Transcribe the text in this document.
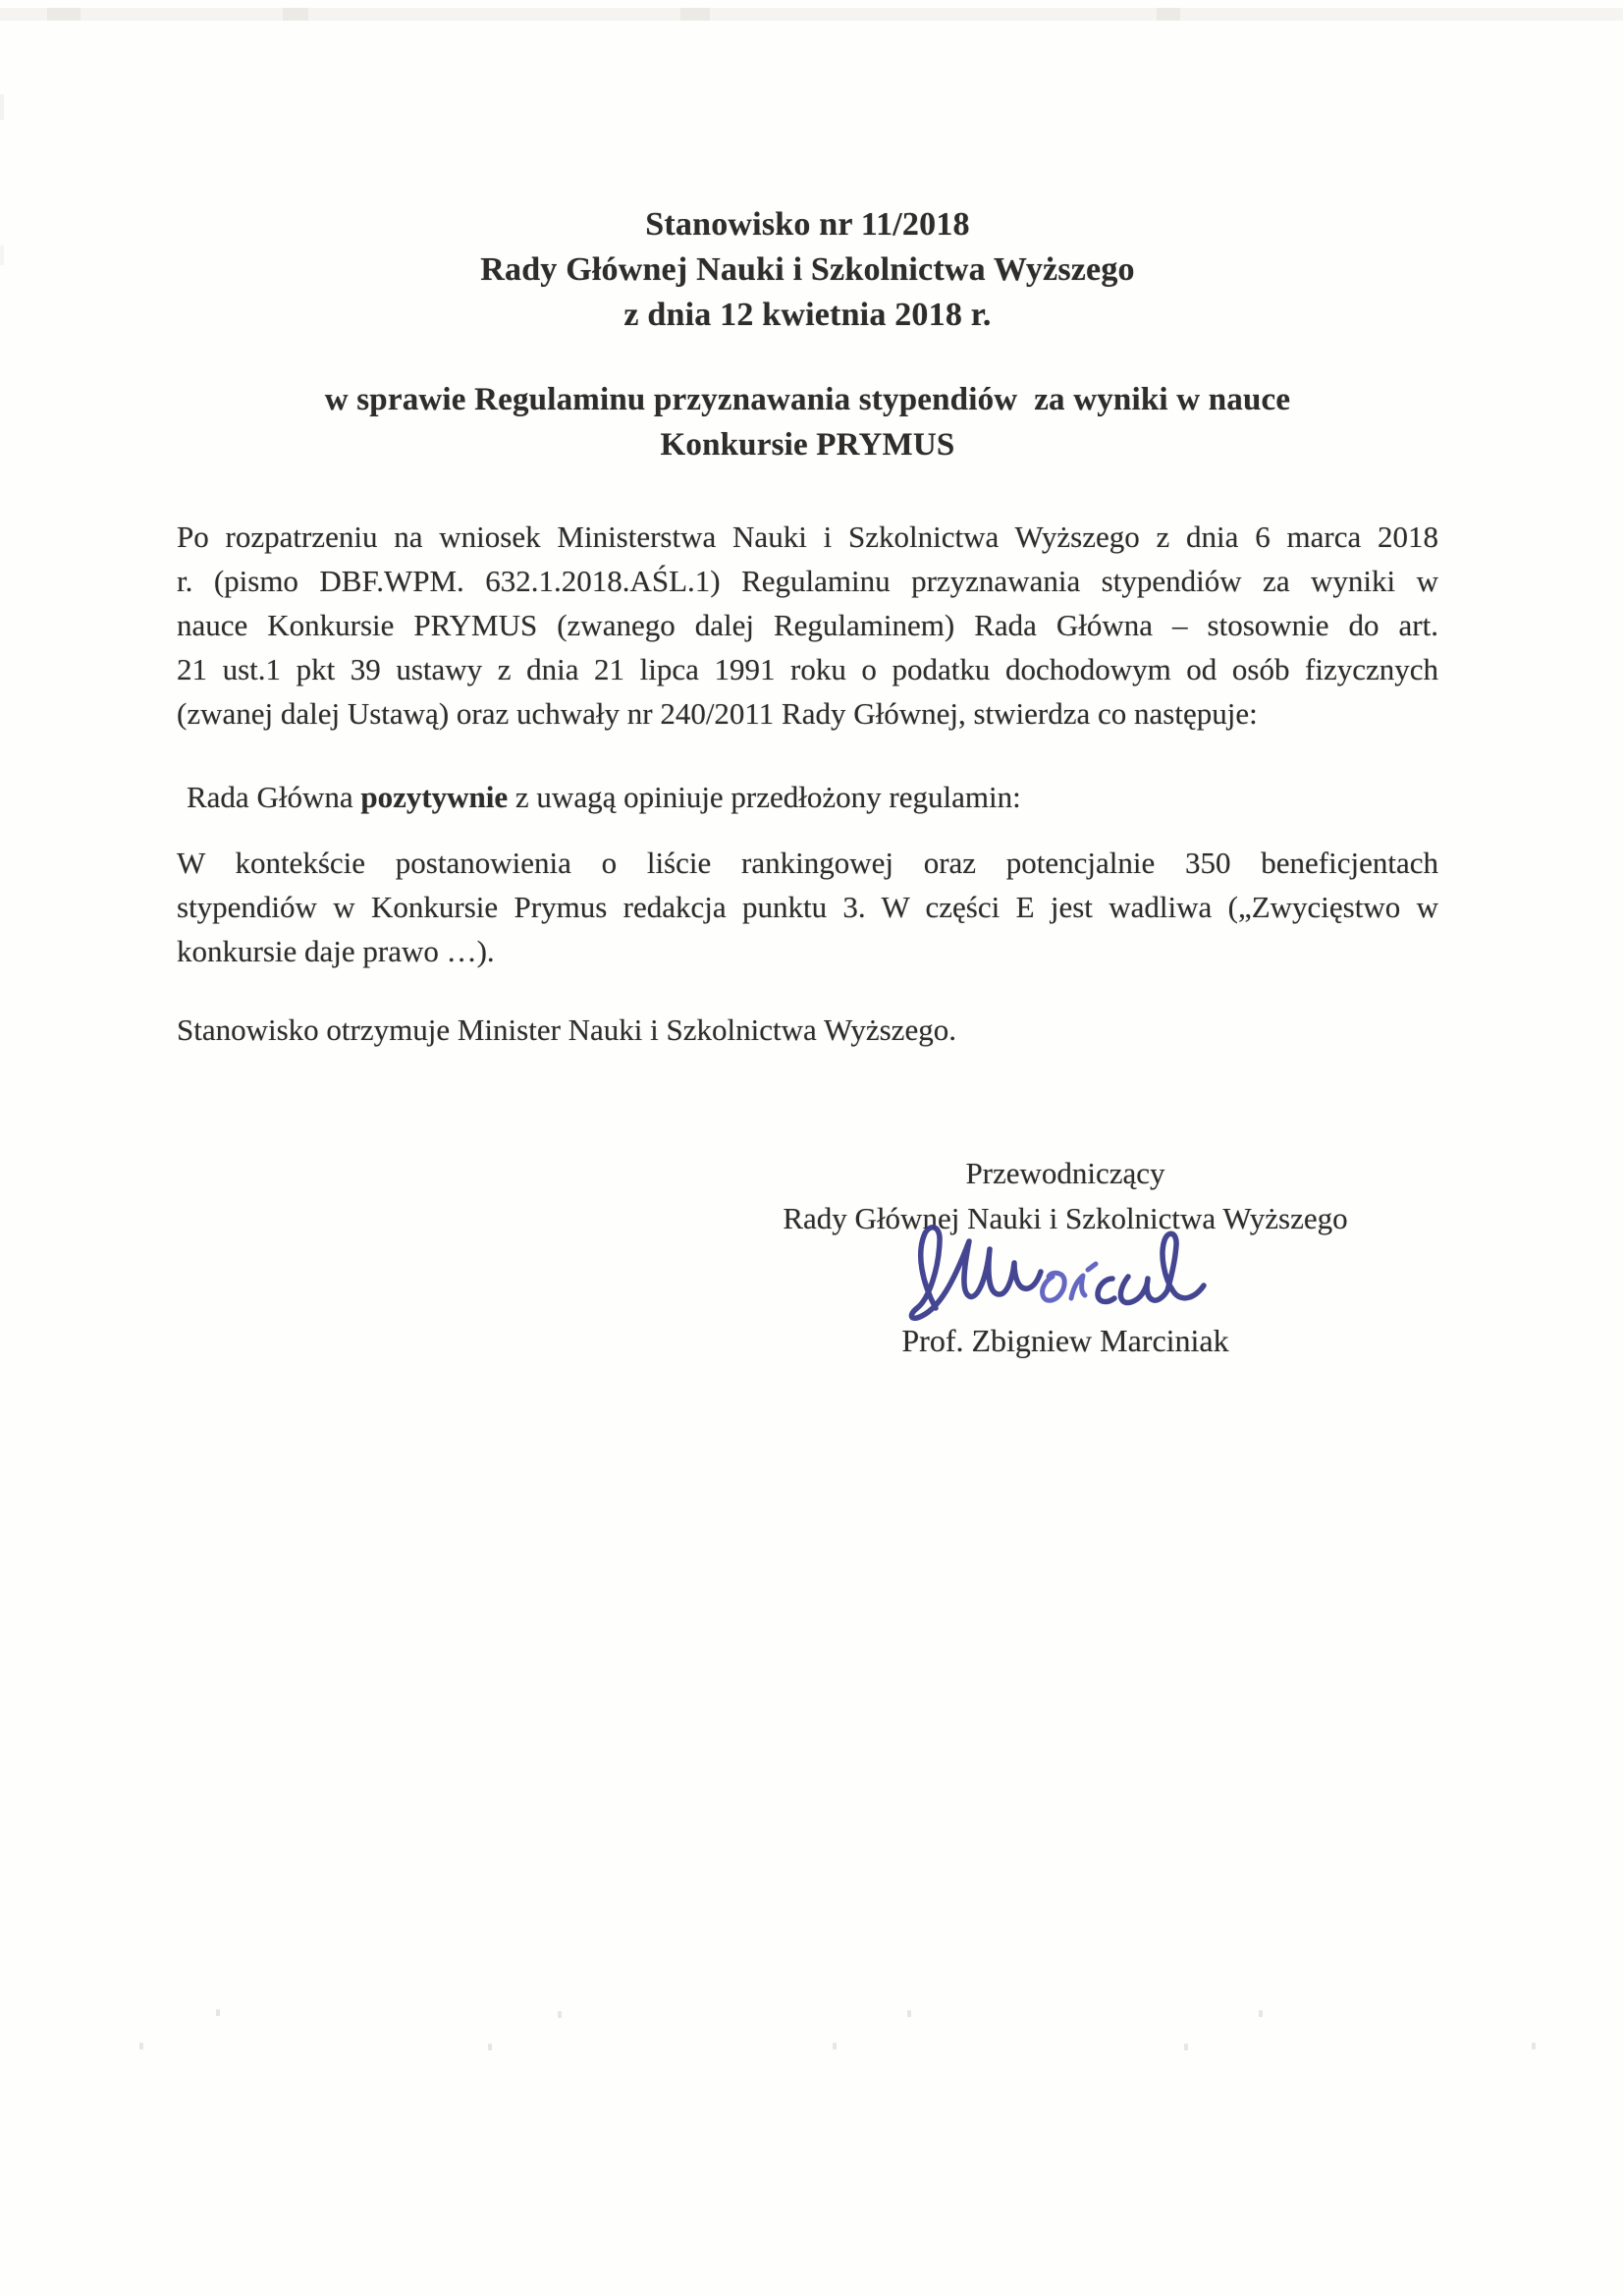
Stanowisko nr 11/2018
Rady Głównej Nauki i Szkolnictwa Wyższego
z dnia 12 kwietnia 2018 r.
w sprawie Regulaminu przyznawania stypendiów  za wyniki w nauce
Konkursie PRYMUS
Po rozpatrzeniu na wniosek Ministerstwa Nauki i Szkolnictwa Wyższego z dnia 6 marca 2018
r. (pismo DBF.WPM. 632.1.2018.AŚL.1) Regulaminu przyznawania stypendiów za wyniki w
nauce Konkursie PRYMUS (zwanego dalej Regulaminem) Rada Główna – stosownie do art.
21 ust.1 pkt 39 ustawy z dnia 21 lipca 1991 roku o podatku dochodowym od osób fizycznych
(zwanej dalej Ustawą) oraz uchwały nr 240/2011 Rady Głównej, stwierdza co następuje:
Rada Główna pozytywnie z uwagą opiniuje przedłożony regulamin:
W kontekście postanowienia o liście rankingowej oraz potencjalnie 350 beneficjentach
stypendiów w Konkursie Prymus redakcja punktu 3. W części E jest wadliwa („Zwycięstwo w
konkursie daje prawo …).
Stanowisko otrzymuje Minister Nauki i Szkolnictwa Wyższego.
Przewodniczący
Rady Głównej Nauki i Szkolnictwa Wyższego
Prof. Zbigniew Marciniak
